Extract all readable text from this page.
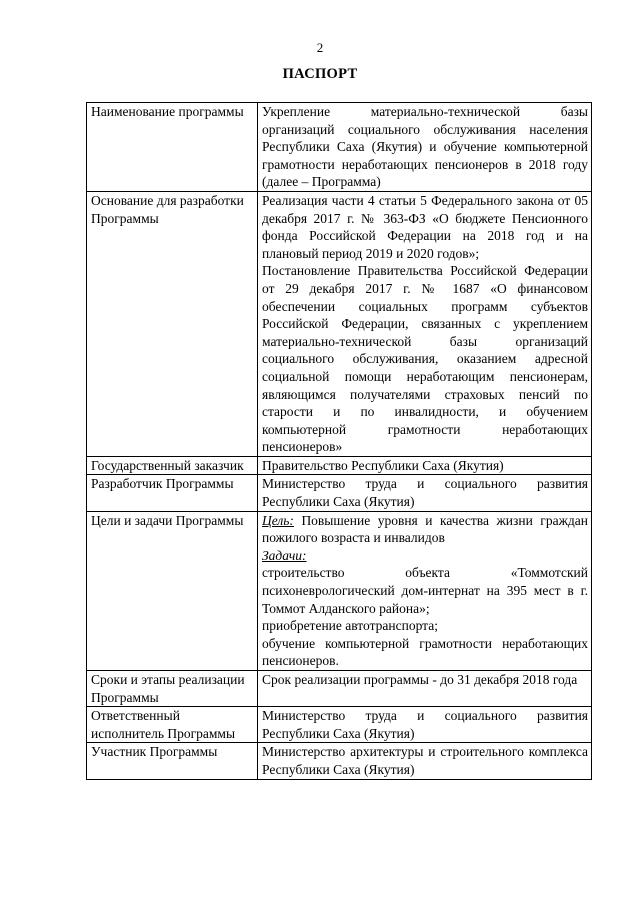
2
ПАСПОРТ
Наименование программы	Укрепление материально-технической базы организаций социального обслуживания населения Республики Саха (Якутия) и обучение компьютерной грамотности неработающих пенсионеров в 2018 году (далее – Программа)

Основание для разработки Программы	Реализация части 4 статьи 5 Федерального закона от 05 декабря 2017 г. № 363-ФЗ «О бюджете Пенсионного фонда Российской Федерации на 2018 год и на плановый период 2019 и 2020 годов»;
Постановление Правительства Российской Федерации от 29 декабря 2017 г. № 1687 «О финансовом обеспечении социальных программ субъектов Российской Федерации, связанных с укреплением материально-технической базы организаций социального обслуживания, оказанием адресной социальной помощи неработающим пенсионерам, являющимся получателями страховых пенсий по старости и по инвалидности, и обучением компьютерной грамотности неработающих пенсионеров»

Государственный заказчик	Правительство Республики Саха (Якутия)

Разработчик Программы	Министерство труда и социального развития Республики Саха (Якутия)

Цели и задачи Программы	Цель: Повышение уровня и качества жизни граждан пожилого возраста и инвалидов
Задачи:
строительство объекта «Томмотский психоневрологический дом-интернат на 395 мест в г. Томмот Алданского района»;
приобретение автотранспорта;
обучение компьютерной грамотности неработающих пенсионеров.

Сроки и этапы реализации Программы	Срок реализации программы - до 31 декабря 2018 года

Ответственный исполнитель Программы	Министерство труда и социального развития Республики Саха (Якутия)

Участник Программы	Министерство архитектуры и строительного комплекса Республики Саха (Якутия)
